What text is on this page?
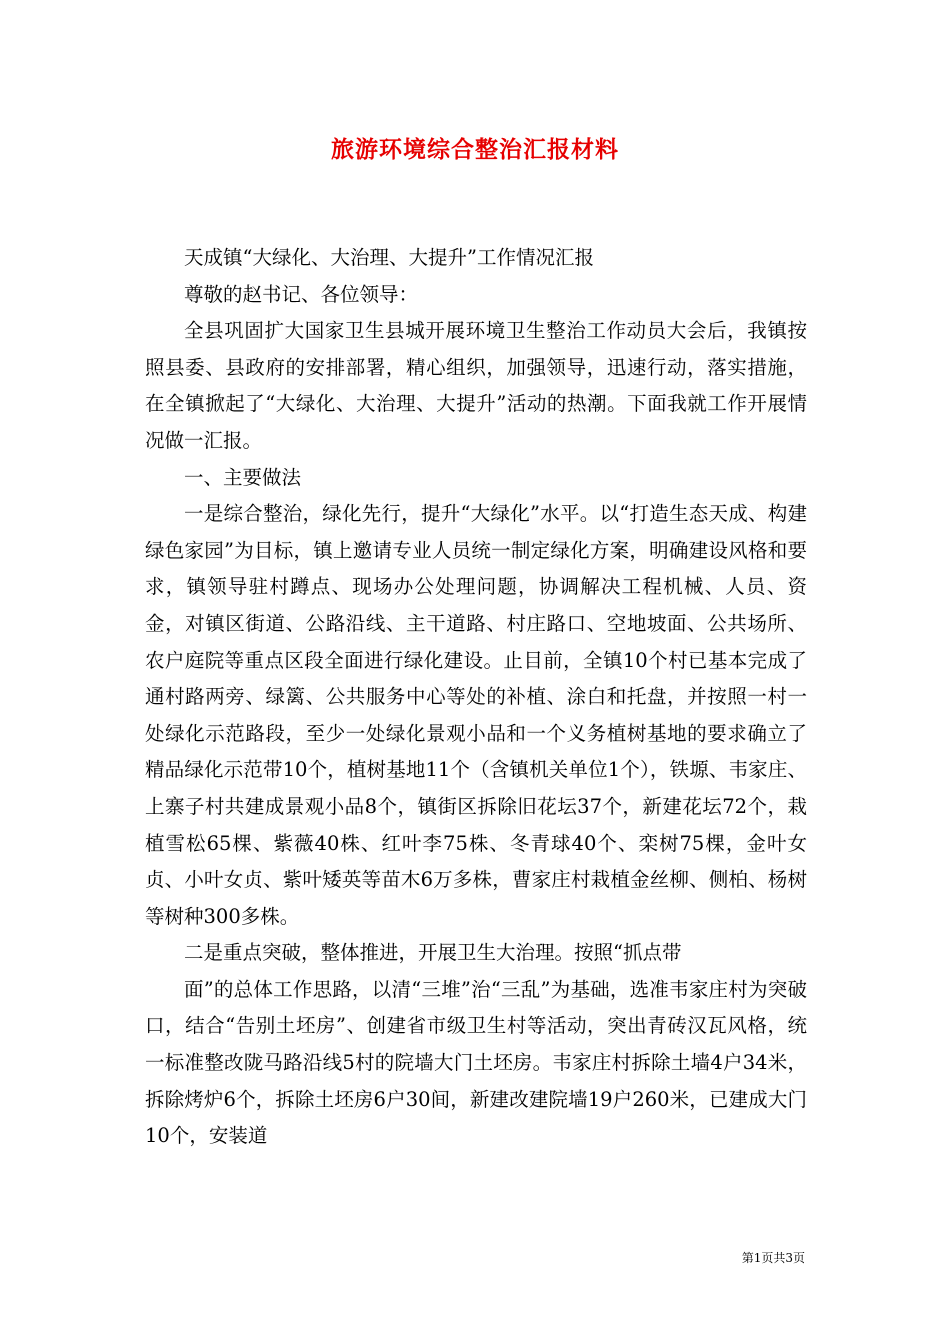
旅游环境综合整治汇报材料

天成镇“大绿化、大治理、大提升”工作情况汇报

尊敬的赵书记、各位领导：

全县巩固扩大国家卫生县城开展环境卫生整治工作动员大会后，我镇按照县委、县政府的安排部署，精心组织，加强领导，迅速行动，落实措施，在全镇掀起了“大绿化、大治理、大提升”活动的热潮。下面我就工作开展情况做一汇报。

一、主要做法

一是综合整治，绿化先行，提升“大绿化”水平。以“打造生态天成、构建绿色家园”为目标，镇上邀请专业人员统一制定绿化方案，明确建设风格和要求，镇领导驻村蹲点、现场办公处理问题，协调解决工程机械、人员、资金，对镇区街道、公路沿线、主干道路、村庄路口、空地坡面、公共场所、农户庭院等重点区段全面进行绿化建设。止目前，全镇10个村已基本完成了通村路两旁、绿篱、公共服务中心等处的补植、涂白和托盘，并按照一村一处绿化示范路段，至少一处绿化景观小品和一个义务植树基地的要求确立了精品绿化示范带10个，植树基地11个（含镇机关单位1个），铁塬、韦家庄、上寨子村共建成景观小品8个，镇街区拆除旧花坛37个，新建花坛72个，栽植雪松65棵、紫薇40株、红叶李75株、冬青球40个、栾树75棵，金叶女贞、小叶女贞、紫叶矮英等苗木6万多株，曹家庄村栽植金丝柳、侧柏、杨树等树种300多株。

二是重点突破，整体推进，开展卫生大治理。按照“抓点带

面”的总体工作思路，以清“三堆”治“三乱”为基础，选准韦家庄村为突破口，结合“告别土坯房”、创建省市级卫生村等活动，突出青砖汉瓦风格，统一标准整改陇马路沿线5村的院墙大门土坯房。韦家庄村拆除土墙4户34米，拆除烤炉6个，拆除土坯房6户30间，新建改建院墙19户260米，已建成大门10个，安装道

第1页共3页
